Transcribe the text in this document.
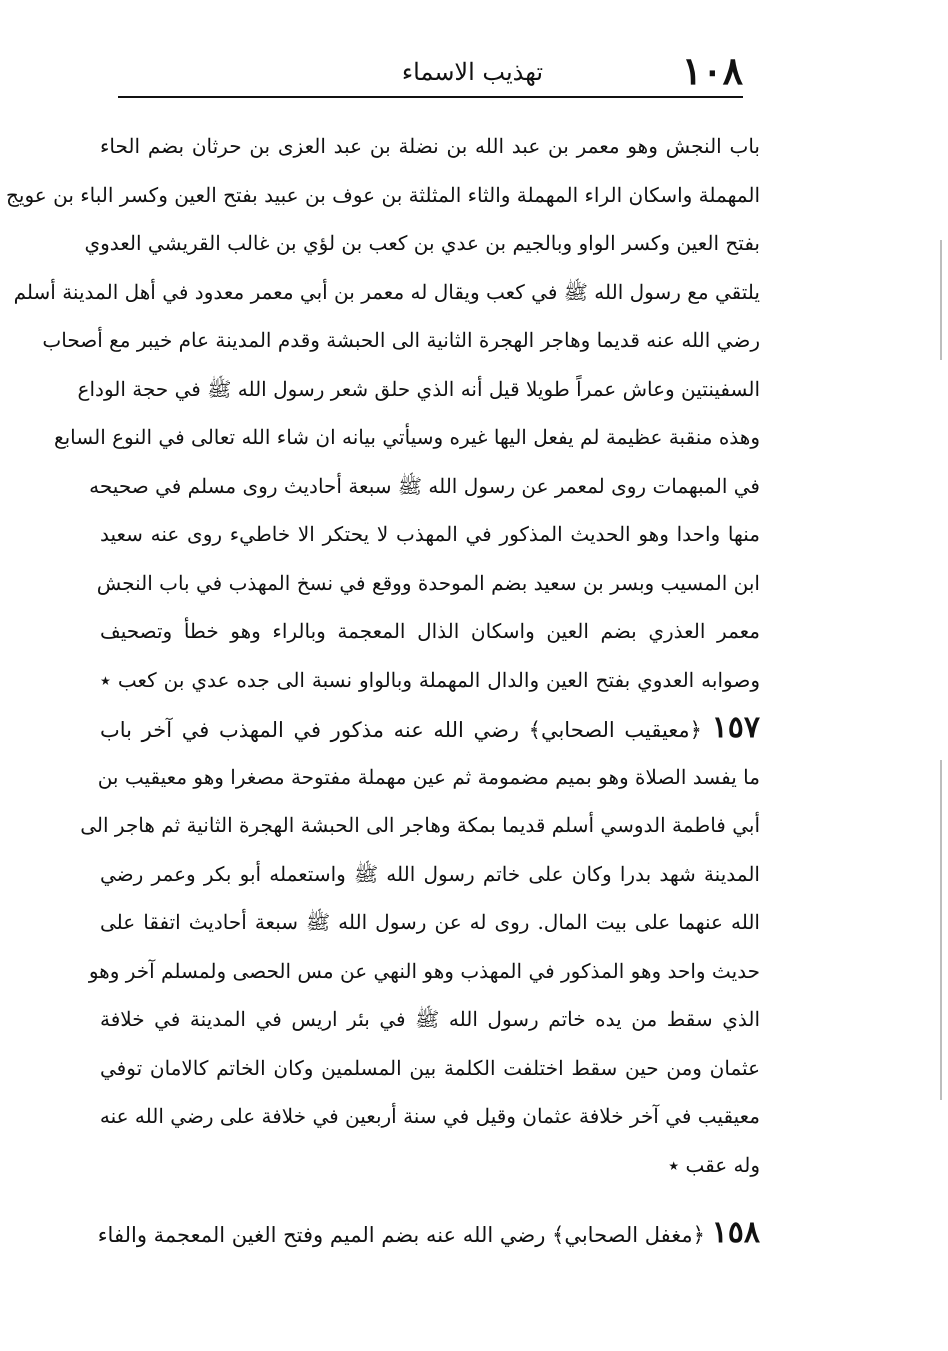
١٠٨
تهذيب الاسماء
باب النجش وهو معمر بن عبد الله بن نضلة بن عبد العزى بن حرثان بضم الحاء
المهملة واسكان الراء المهملة والثاء المثلثة بن عوف بن عبيد بفتح العين وكسر الباء بن عويج
بفتح العين وكسر الواو وبالجيم بن عدي بن كعب بن لؤي بن غالب القريشي العدوي
يلتقي مع رسول الله ﷺ في كعب ويقال له معمر بن أبي معمر معدود في أهل المدينة أسلم
رضي الله عنه قديما وهاجر الهجرة الثانية الى الحبشة وقدم المدينة عام خيبر مع أصحاب
السفينتين وعاش عمراً طويلا قيل أنه الذي حلق شعر رسول الله ﷺ في حجة الوداع
وهذه منقبة عظيمة لم يفعل اليها غيره وسيأتي بيانه ان شاء الله تعالى في النوع السابع
في المبهمات روى لمعمر عن رسول الله ﷺ سبعة أحاديث روى مسلم في صحيحه
منها واحدا وهو الحديث المذكور في المهذب لا يحتكر الا خاطيء روى عنه سعيد
ابن المسيب وبسر بن سعيد بضم الموحدة ووقع في نسخ المهذب في باب النجش
معمر العذري بضم العين واسكان الذال المعجمة وبالراء وهو خطأ وتصحيف
وصوابه العدوي بفتح العين والدال المهملة وبالواو نسبة الى جده عدي بن كعب ٭
١٥٧ ﴿معيقيب الصحابي﴾ رضي الله عنه مذكور في المهذب في آخر باب
ما يفسد الصلاة وهو بميم مضمومة ثم عين مهملة مفتوحة مصغرا وهو معيقيب بن
أبي فاطمة الدوسي أسلم قديما بمكة وهاجر الى الحبشة الهجرة الثانية ثم هاجر الى
المدينة شهد بدرا وكان على خاتم رسول الله ﷺ واستعمله أبو بكر وعمر رضي
الله عنهما على بيت المال. روى له عن رسول الله ﷺ سبعة أحاديث اتفقا على
حديث واحد وهو المذكور في المهذب وهو النهي عن مس الحصى ولمسلم آخر وهو
الذي سقط من يده خاتم رسول الله ﷺ في بئر اريس في المدينة في خلافة
عثمان ومن حين سقط اختلفت الكلمة بين المسلمين وكان الخاتم كالامان توفي
معيقيب في آخر خلافة عثمان وقيل في سنة أربعين في خلافة على رضي الله عنه
وله عقب ٭
١٥٨ ﴿مغفل الصحابي﴾ رضي الله عنه بضم الميم وفتح الغين المعجمة والفاء
